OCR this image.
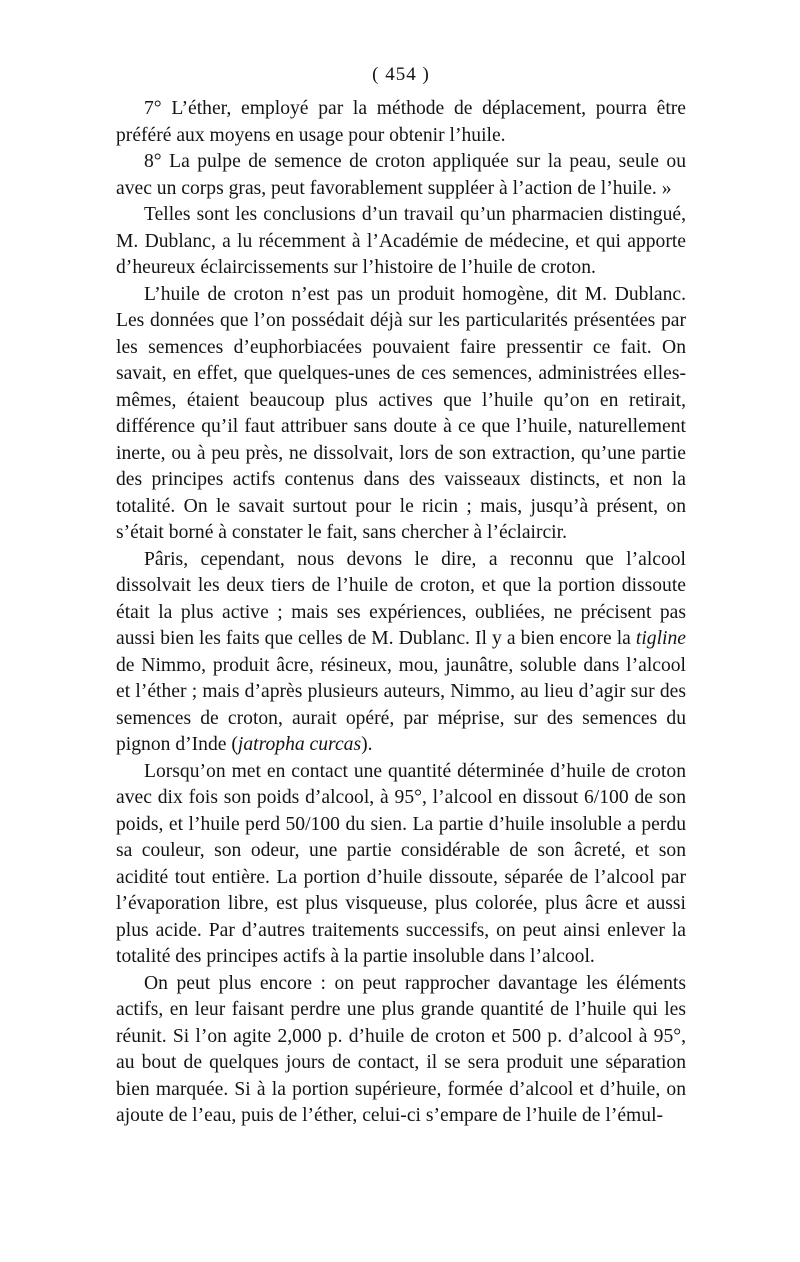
( 454 )

7° L’éther, employé par la méthode de déplacement, pourra être préféré aux moyens en usage pour obtenir l’huile.

8° La pulpe de semence de croton appliquée sur la peau, seule ou avec un corps gras, peut favorablement suppléer à l’action de l’huile. »

Telles sont les conclusions d’un travail qu’un pharmacien distingué, M. Dublanc, a lu récemment à l’Académie de médecine, et qui apporte d’heureux éclaircissements sur l’histoire de l’huile de croton.

L’huile de croton n’est pas un produit homogène, dit M. Dublanc. Les données que l’on possédait déjà sur les particularités présentées par les semences d’euphorbiacées pouvaient faire pressentir ce fait. On savait, en effet, que quelques-unes de ces semences, administrées elles-mêmes, étaient beaucoup plus actives que l’huile qu’on en retirait, différence qu’il faut attribuer sans doute à ce que l’huile, naturellement inerte, ou à peu près, ne dissolvait, lors de son extraction, qu’une partie des principes actifs contenus dans des vaisseaux distincts, et non la totalité. On le savait surtout pour le ricin ; mais, jusqu’à présent, on s’était borné à constater le fait, sans chercher à l’éclaircir.

Pâris, cependant, nous devons le dire, a reconnu que l’alcool dissolvait les deux tiers de l’huile de croton, et que la portion dissoute était la plus active ; mais ses expériences, oubliées, ne précisent pas aussi bien les faits que celles de M. Dublanc. Il y a bien encore la tigline de Nimmo, produit âcre, résineux, mou, jaunâtre, soluble dans l’alcool et l’éther ; mais d’après plusieurs auteurs, Nimmo, au lieu d’agir sur des semences de croton, aurait opéré, par méprise, sur des semences du pignon d’Inde (jatropha curcas).

Lorsqu’on met en contact une quantité déterminée d’huile de croton avec dix fois son poids d’alcool, à 95°, l’alcool en dissout 6/100 de son poids, et l’huile perd 50/100 du sien. La partie d’huile insoluble a perdu sa couleur, son odeur, une partie considérable de son âcreté, et son acidité tout entière. La portion d’huile dissoute, séparée de l’alcool par l’évaporation libre, est plus visqueuse, plus colorée, plus âcre et aussi plus acide. Par d’autres traitements successifs, on peut ainsi enlever la totalité des principes actifs à la partie insoluble dans l’alcool.

On peut plus encore : on peut rapprocher davantage les éléments actifs, en leur faisant perdre une plus grande quantité de l’huile qui les réunit. Si l’on agite 2,000 p. d’huile de croton et 500 p. d’alcool à 95°, au bout de quelques jours de contact, il se sera produit une séparation bien marquée. Si à la portion supérieure, formée d’alcool et d’huile, on ajoute de l’eau, puis de l’éther, celui-ci s’empare de l’huile de l’émul-
